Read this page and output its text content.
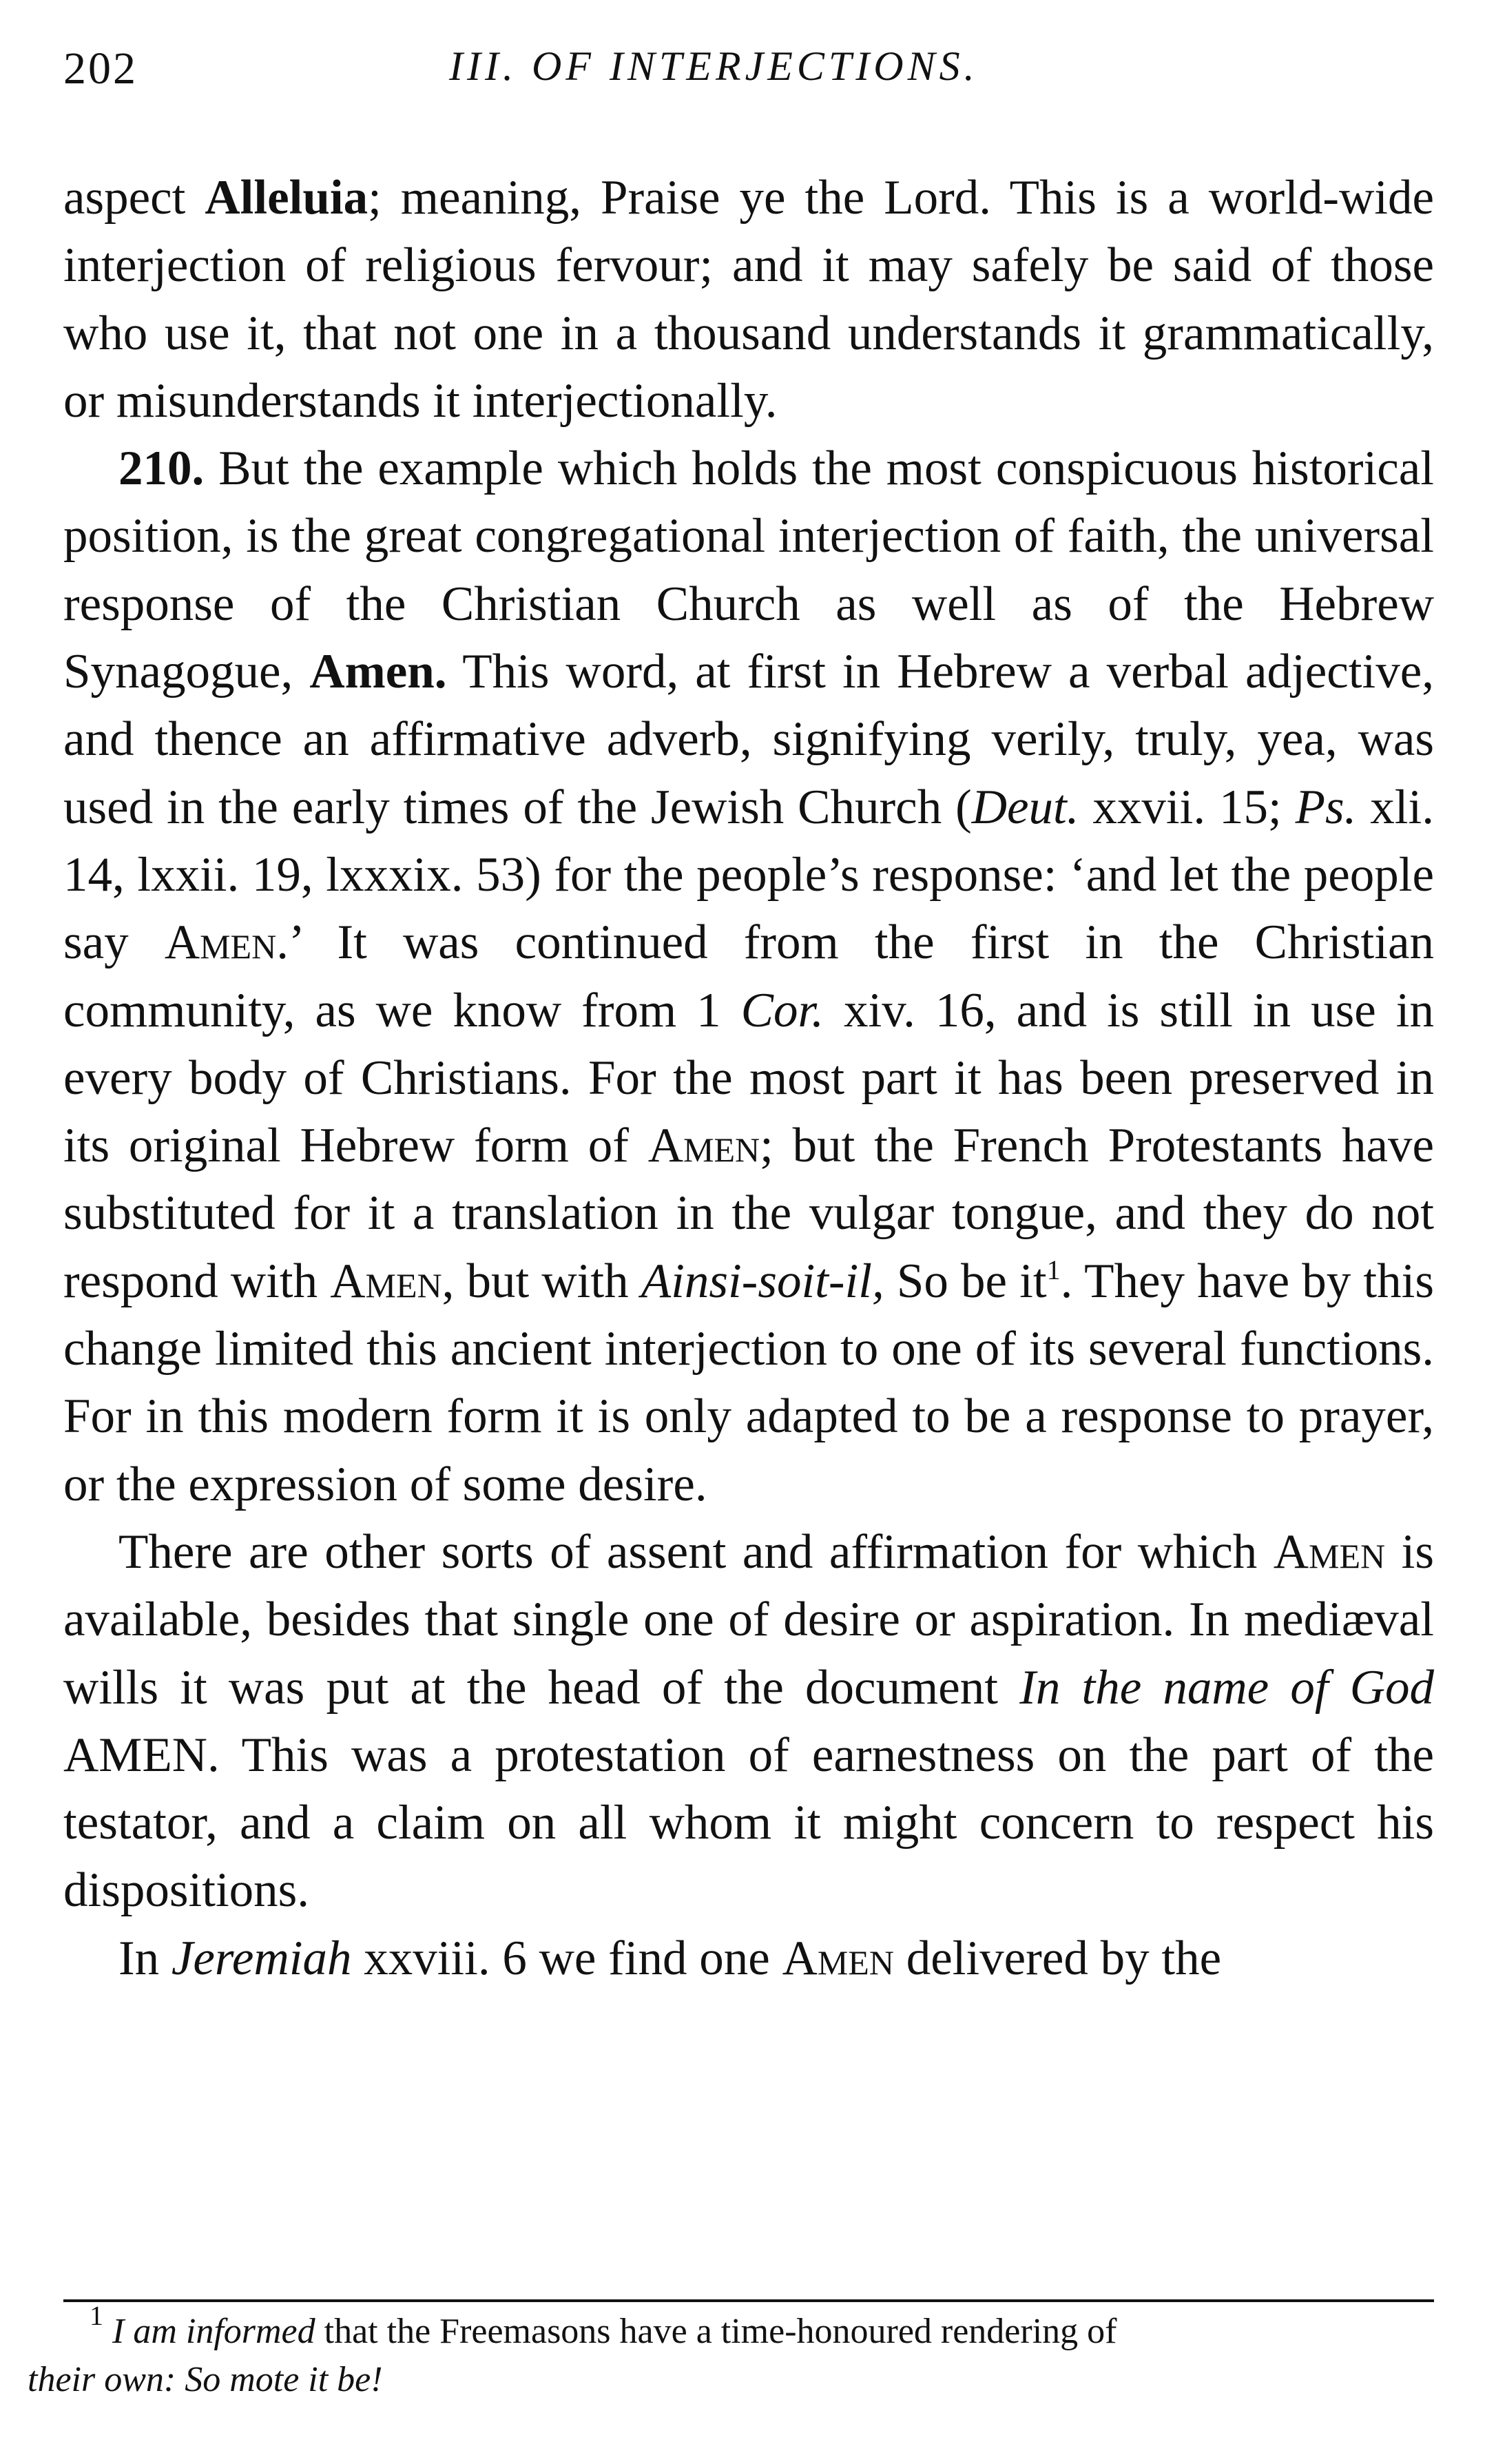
202	III. OF INTERJECTIONS.

aspect Alleluia; meaning, Praise ye the Lord. This is a world-wide interjection of religious fervour; and it may safely be said of those who use it, that not one in a thousand understands it grammatically, or misunderstands it interjectionally.

210. But the example which holds the most conspicuous historical position, is the great congregational interjection of faith, the universal response of the Christian Church as well as of the Hebrew Synagogue, Amen. This word, at first in Hebrew a verbal adjective, and thence an affirmative adverb, signifying verily, truly, yea, was used in the early times of the Jewish Church (Deut. xxvii. 15; Ps. xli. 14, lxxii. 19, lxxxix. 53) for the people’s response: ‘and let the people say Amen.’ It was continued from the first in the Christian community, as we know from 1 Cor. xiv. 16, and is still in use in every body of Christians. For the most part it has been preserved in its original Hebrew form of Amen; but the French Protestants have substituted for it a translation in the vulgar tongue, and they do not respond with Amen, but with Ainsi-soit-il, So be $it^1$. They have by this change limited this ancient interjection to one of its several functions. For in this modern form it is only adapted to be a response to prayer, or the expression of some desire.

There are other sorts of assent and affirmation for which Amen is available, besides that single one of desire or aspiration. In mediæval wills it was put at the head of the document In the name of God AMEN. This was a protestation of earnestness on the part of the testator, and a claim on all whom it might concern to respect his dispositions.

In Jeremiah xxviii. 6 we find one Amen delivered by the

$^1$ I am informed that the Freemasons have a time-honoured rendering of
their own: So mote it be!
